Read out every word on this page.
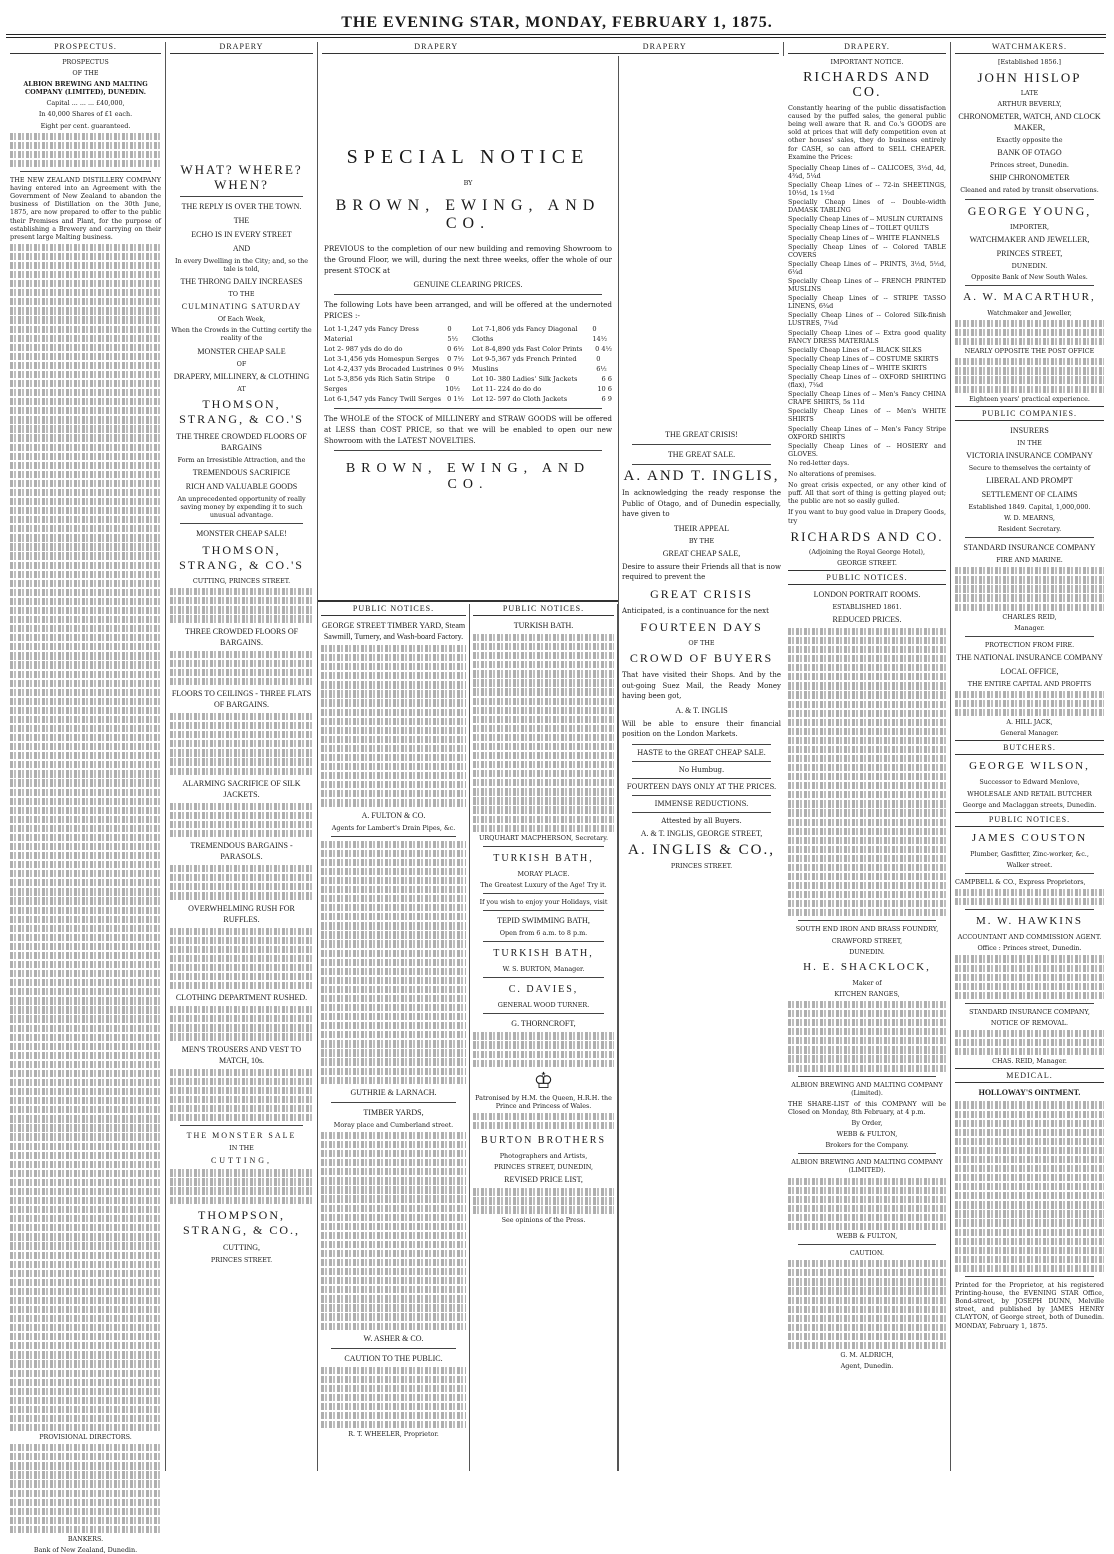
THE EVENING STAR, MONDAY, FEBRUARY 1, 1875.
PROSPECTUS.
PROSPECTUS
OF THE
ALBION BREWING AND MALTING COMPANY (LIMITED), DUNEDIN.
Capital ... ... ... £40,000,
In 40,000 Shares of £1 each.
Eight per cent. guaranteed.
THE NEW ZEALAND DISTILLERY COMPANY having entered into an Agreement with the Government of New Zealand to abandon the business of Distillation on the 30th June, 1875, are now prepared to offer to the public their Premises and Plant, for the purpose of establishing a Brewery and carrying on their present large Malting business.
PROVISIONAL DIRECTORS.
BANKERS.
Bank of New Zealand, Dunedin.
DRAPERY
WHAT? WHERE? WHEN?
THE REPLY IS OVER THE TOWN.
THE
ECHO IS IN EVERY STREET
AND
In every Dwelling in the City; and, so the tale is told,
THE THRONG DAILY INCREASES
TO THE
CULMINATING SATURDAY
Of Each Week,
When the Crowds in the Cutting certify the reality of the
MONSTER CHEAP SALE
OF
DRAPERY, MILLINERY, & CLOTHING
AT
THOMSON, STRANG, & CO.'S
THE THREE CROWDED FLOORS OF BARGAINS
Form an Irresistible Attraction, and the
TREMENDOUS SACRIFICE
RICH AND VALUABLE GOODS
An unprecedented opportunity of really saving money by expending it to such unusual advantage.
MONSTER CHEAP SALE!
THOMSON, STRANG, & CO.'S
CUTTING, PRINCES STREET.
THREE CROWDED FLOORS OF BARGAINS.
FLOORS TO CEILINGS - THREE FLATS OF BARGAINS.
ALARMING SACRIFICE OF SILK JACKETS.
TREMENDOUS BARGAINS - PARASOLS.
OVERWHELMING RUSH FOR RUFFLES.
CLOTHING DEPARTMENT RUSHED.
MEN'S TROUSERS AND VEST TO MATCH, 10s.
THE MONSTER SALE
IN THE
CUTTING,
THOMPSON, STRANG, & CO.,
CUTTING,
PRINCES STREET.
DRAPERY	DRAPERY
SPECIAL NOTICE
BY
BROWN, EWING, AND CO.
PREVIOUS to the completion of our new building and removing Showroom to the Ground Floor, we will, during the next three weeks, offer the whole of our present STOCK at
GENUINE CLEARING PRICES.
The following Lots have been arranged, and will be offered at the undernoted PRICES :-
Lot 1-1,247 yds Fancy Dress Material
0 5½
Lot 2- 987 yds do do do	0 6½
Lot 3-1,456 yds Homespun Serges 0 7½
Lot 4-2,437 yds Brocaded Lustrines 0 9½
Lot 5-3,856 yds Rich Satin Stripe Serges
0 10½
Lot 6-1,547 yds Fancy Twill Serges 0 1½
Lot 7-1,806 yds Fancy Diagonal Cloths
0 14½
Lot 8-4,890 yds Fast Color Prints 0 4½
Lot 9-5,367 yds French Printed Muslins
0 6½
Lot 10- 380 Ladies' Silk Jackets	6 6
Lot 11- 224 do do do	10 6
Lot 12- 597 do Cloth Jackets	6 9
The WHOLE of the STOCK of MILLINERY and STRAW GOODS will be offered at LESS than COST PRICE, so that we will be enabled to open our new Showroom with the LATEST NOVELTIES.
BROWN, EWING, AND CO.
PUBLIC NOTICES.
GEORGE STREET TIMBER YARD, Steam Sawmill, Turnery, and Wash-board Factory.
A. FULTON & CO.
Agents for Lambert's Drain Pipes, &c.
GUTHRIE & LARNACH.
TIMBER YARDS,
Moray place and Cumberland street.
W. ASHER & CO.
CAUTION TO THE PUBLIC.
R. T. WHEELER, Proprietor.
PUBLIC NOTICES.
TURKISH BATH.
URQUHART MACPHERSON, Secretary.
TURKISH BATH,
MORAY PLACE.
The Greatest Luxury of the Age! Try it.
If you wish to enjoy your Holidays, visit
TEPID SWIMMING BATH,
Open from 6 a.m. to 8 p.m.
TURKISH BATH,
W. S. BURTON, Manager.
C. DAVIES,
GENERAL WOOD TURNER.
G. THORNCROFT,
♔
Patronised by H.M. the Queen, H.R.H. the Prince and Princess of Wales.
BURTON BROTHERS
Photographers and Artists,
PRINCES STREET, DUNEDIN,
REVISED PRICE LIST,
See opinions of the Press.
THE GREAT CRISIS!
THE GREAT SALE.
A. AND T. INGLIS,
In acknowledging the ready response the Public of Otago, and of Dunedin especially, have given to
THEIR APPEAL
BY THE
GREAT CHEAP SALE,
Desire to assure their Friends all that is now required to prevent the
GREAT CRISIS
Anticipated, is a continuance for the next
FOURTEEN DAYS
OF THE
CROWD OF BUYERS
That have visited their Shops. And by the out-going Suez Mail, the Ready Money having been got,
A. & T. INGLIS
Will be able to ensure their financial position on the London Markets.
HASTE to the GREAT CHEAP SALE.
No Humbug.
FOURTEEN DAYS ONLY AT THE PRICES.
IMMENSE REDUCTIONS.
Attested by all Buyers.
A. & T. INGLIS, GEORGE STREET,
A. INGLIS & CO.,
PRINCES STREET.
DRAPERY.
IMPORTANT NOTICE.
RICHARDS AND CO.
Constantly hearing of the public dissatisfaction caused by the puffed sales, the general public being well aware that R. and Co.'s GOODS are sold at prices that will defy competition even at other houses' sales, they do business entirely for CASH, so can afford to SELL CHEAPER. Examine the Prices:
Specially Cheap Lines of -- CALICOES, 3½d, 4d, 4¾d, 5¼d
Specially Cheap Lines of -- 72-in SHEETINGS, 10½d, 1s 1½d
Specially Cheap Lines of -- Double-width DAMASK TABLING
Specially Cheap Lines of -- MUSLIN CURTAINS
Specially Cheap Lines of -- TOILET QUILTS
Specially Cheap Lines of -- WHITE FLANNELS
Specially Cheap Lines of -- Colored TABLE COVERS
Specially Cheap Lines of -- PRINTS, 3½d, 5½d, 6¼d
Specially Cheap Lines of -- FRENCH PRINTED MUSLINS
Specially Cheap Lines of -- STRIPE TASSO LINENS, 6¾d
Specially Cheap Lines of -- Colored Silk-finish LUSTRES, 7¼d
Specially Cheap Lines of -- Extra good quality FANCY DRESS MATERIALS
Specially Cheap Lines of -- BLACK SILKS
Specially Cheap Lines of -- COSTUME SKIRTS
Specially Cheap Lines of -- WHITE SKIRTS
Specially Cheap Lines of -- OXFORD SHIRTING (flax), 7¼d
Specially Cheap Lines of -- Men's Fancy CHINA CRAPE SHIRTS, 5s 11d
Specially Cheap Lines of -- Men's WHITE SHIRTS
Specially Cheap Lines of -- Men's Fancy Stripe OXFORD SHIRTS
Specially Cheap Lines of -- HOSIERY and GLOVES.
No red-letter days.
No alterations of premises.
No great crisis expected, or any other kind of puff. All that sort of thing is getting played out; the public are not so easily gulled.
If you want to buy good value in Drapery Goods, try
RICHARDS AND CO.
(Adjoining the Royal George Hotel),
GEORGE STREET.
PUBLIC NOTICES.
LONDON PORTRAIT ROOMS.
ESTABLISHED 1861.
REDUCED PRICES.
SOUTH END IRON AND BRASS FOUNDRY,
CRAWFORD STREET,
DUNEDIN.
H. E. SHACKLOCK,
Maker of
KITCHEN RANGES,
ALBION BREWING AND MALTING COMPANY (Limited).
THE SHARE-LIST of this COMPANY will be Closed on Monday, 8th February, at 4 p.m.
By Order,
WEBB & FULTON,
Brokers for the Company.
ALBION BREWING AND MALTING COMPANY (LIMITED).
WEBB & FULTON,
CAUTION.
G. M. ALDRICH,
Agent, Dunedin.
WATCHMAKERS.
[Established 1856.]
JOHN HISLOP
LATE
ARTHUR BEVERLY,
CHRONOMETER, WATCH, AND CLOCK MAKER,
Exactly opposite the
BANK OF OTAGO
Princes street, Dunedin.
SHIP CHRONOMETER
Cleaned and rated by transit observations.
GEORGE YOUNG,
IMPORTER,
WATCHMAKER AND JEWELLER,
PRINCES STREET,
DUNEDIN.
Opposite Bank of New South Wales.
A. W. MACARTHUR,
Watchmaker and Jeweller,
NEARLY OPPOSITE THE POST OFFICE
Eighteen years' practical experience.
PUBLIC COMPANIES.
INSURERS
IN THE
VICTORIA INSURANCE COMPANY
Secure to themselves the certainty of
LIBERAL AND PROMPT
SETTLEMENT OF CLAIMS
Established 1849. Capital, 1,000,000.
W. D. MEARNS,
Resident Secretary.
STANDARD INSURANCE COMPANY
FIRE AND MARINE.
CHARLES REID,
Manager.
PROTECTION FROM FIRE.
THE NATIONAL INSURANCE COMPANY
LOCAL OFFICE,
THE ENTIRE CAPITAL AND PROFITS
A. HILL JACK,
General Manager.
BUTCHERS.
GEORGE WILSON,
Successor to Edward Menlove,
WHOLESALE AND RETAIL BUTCHER
George and Maclaggan streets, Dunedin.
PUBLIC NOTICES.
JAMES COUSTON
Plumber, Gasfitter, Zinc-worker, &c.,
Walker street.
CAMPBELL & CO., Express Proprietors,
M. W. HAWKINS
ACCOUNTANT AND COMMISSION AGENT.
Office : Princes street, Dunedin.
STANDARD INSURANCE COMPANY,
NOTICE OF REMOVAL.
CHAS. REID, Manager.
MEDICAL.
HOLLOWAY'S OINTMENT.
Printed for the Proprietor, at his registered Printing-house, the EVENING STAR Office, Bond-street, by JOSEPH DUNN, Melville street, and published by JAMES HENRY CLAYTON, of George street, both of Dunedin. MONDAY, February 1, 1875.
